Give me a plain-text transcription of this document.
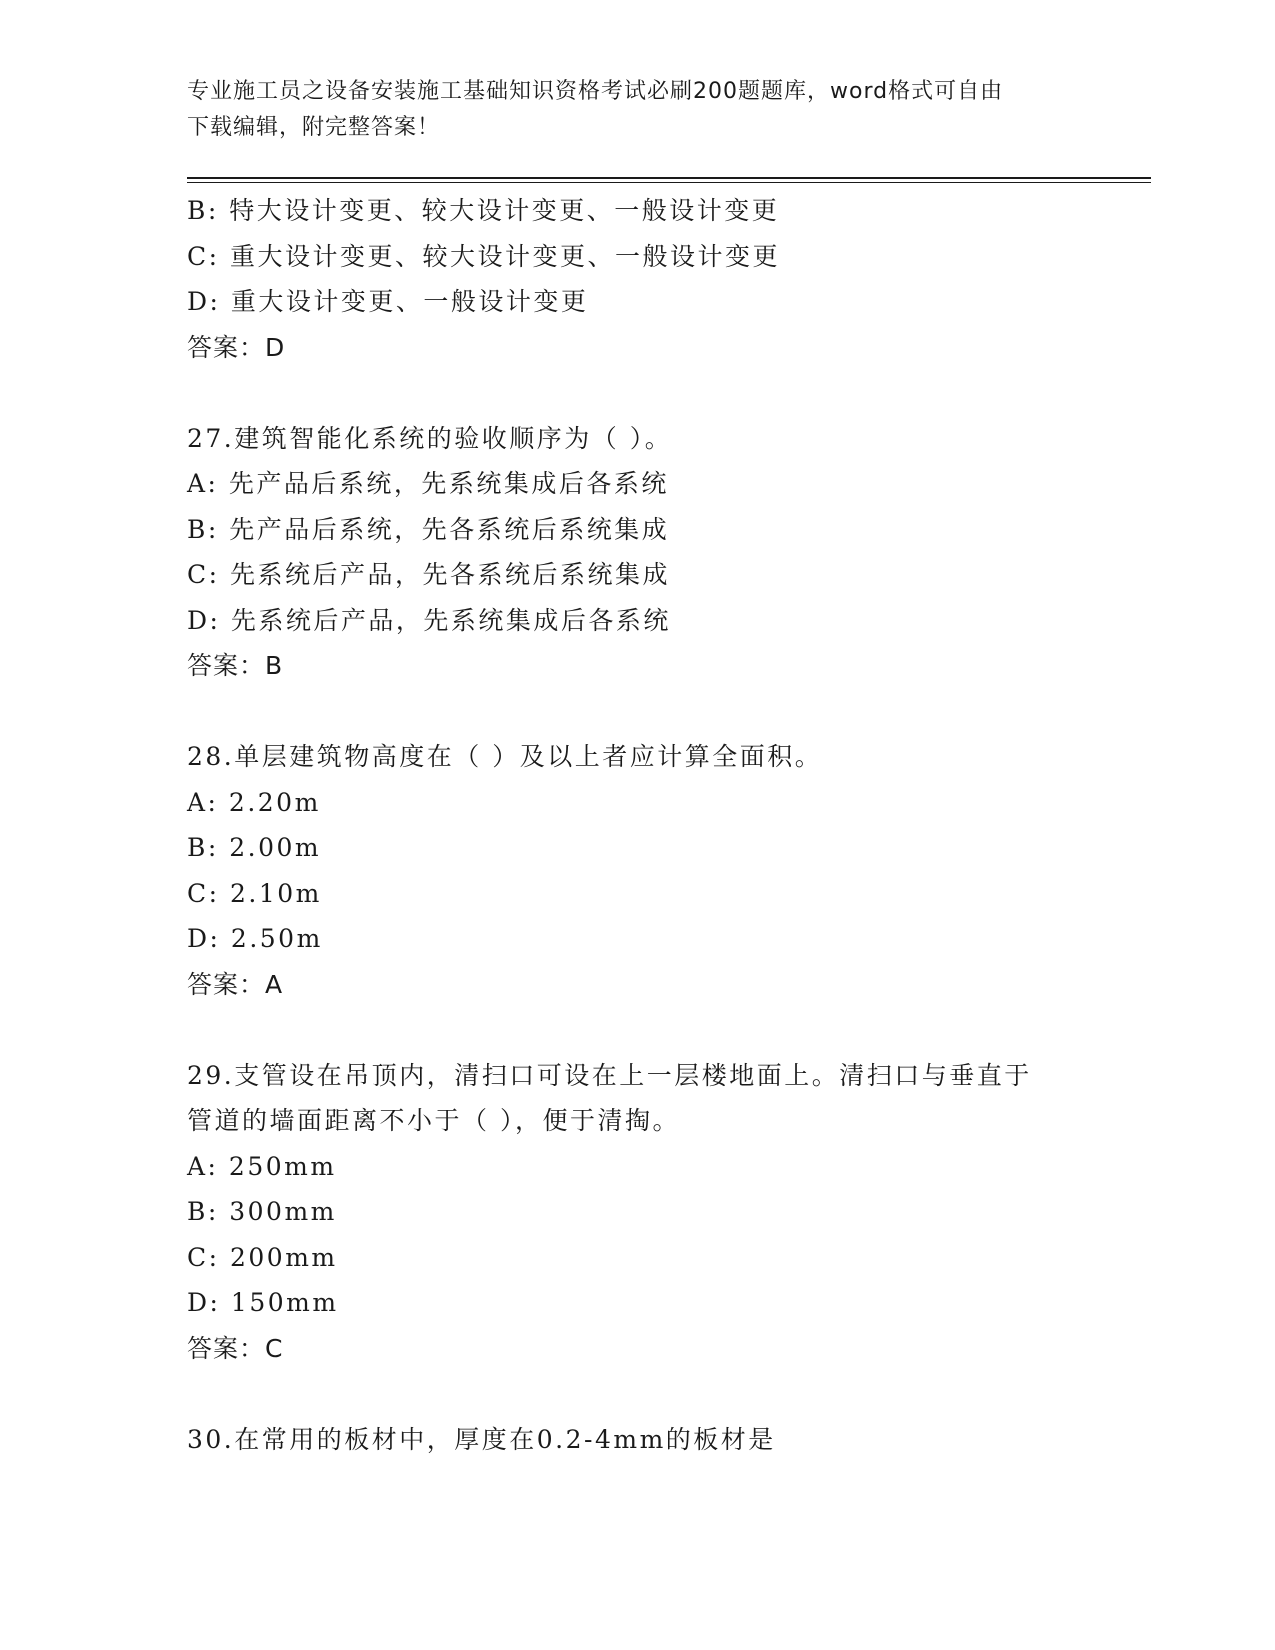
专业施工员之设备安装施工基础知识资格考试必刷200题题库，word格式可自由
下载编辑，附完整答案！
B: 特大设计变更、较大设计变更、一般设计变更
C: 重大设计变更、较大设计变更、一般设计变更
D: 重大设计变更、一般设计变更
答案：D
27.建筑智能化系统的验收顺序为（ ）。
A: 先产品后系统，先系统集成后各系统
B: 先产品后系统，先各系统后系统集成
C: 先系统后产品，先各系统后系统集成
D: 先系统后产品，先系统集成后各系统
答案：B
28.单层建筑物高度在（ ）及以上者应计算全面积。
A: 2.20m
B: 2.00m
C: 2.10m
D: 2.50m
答案：A
29.支管设在吊顶内，清扫口可设在上一层楼地面上。清扫口与垂直于
管道的墙面距离不小于（ ），便于清掏。
A: 250mm
B: 300mm
C: 200mm
D: 150mm
答案：C
30.在常用的板材中，厚度在0.2-4mm的板材是
